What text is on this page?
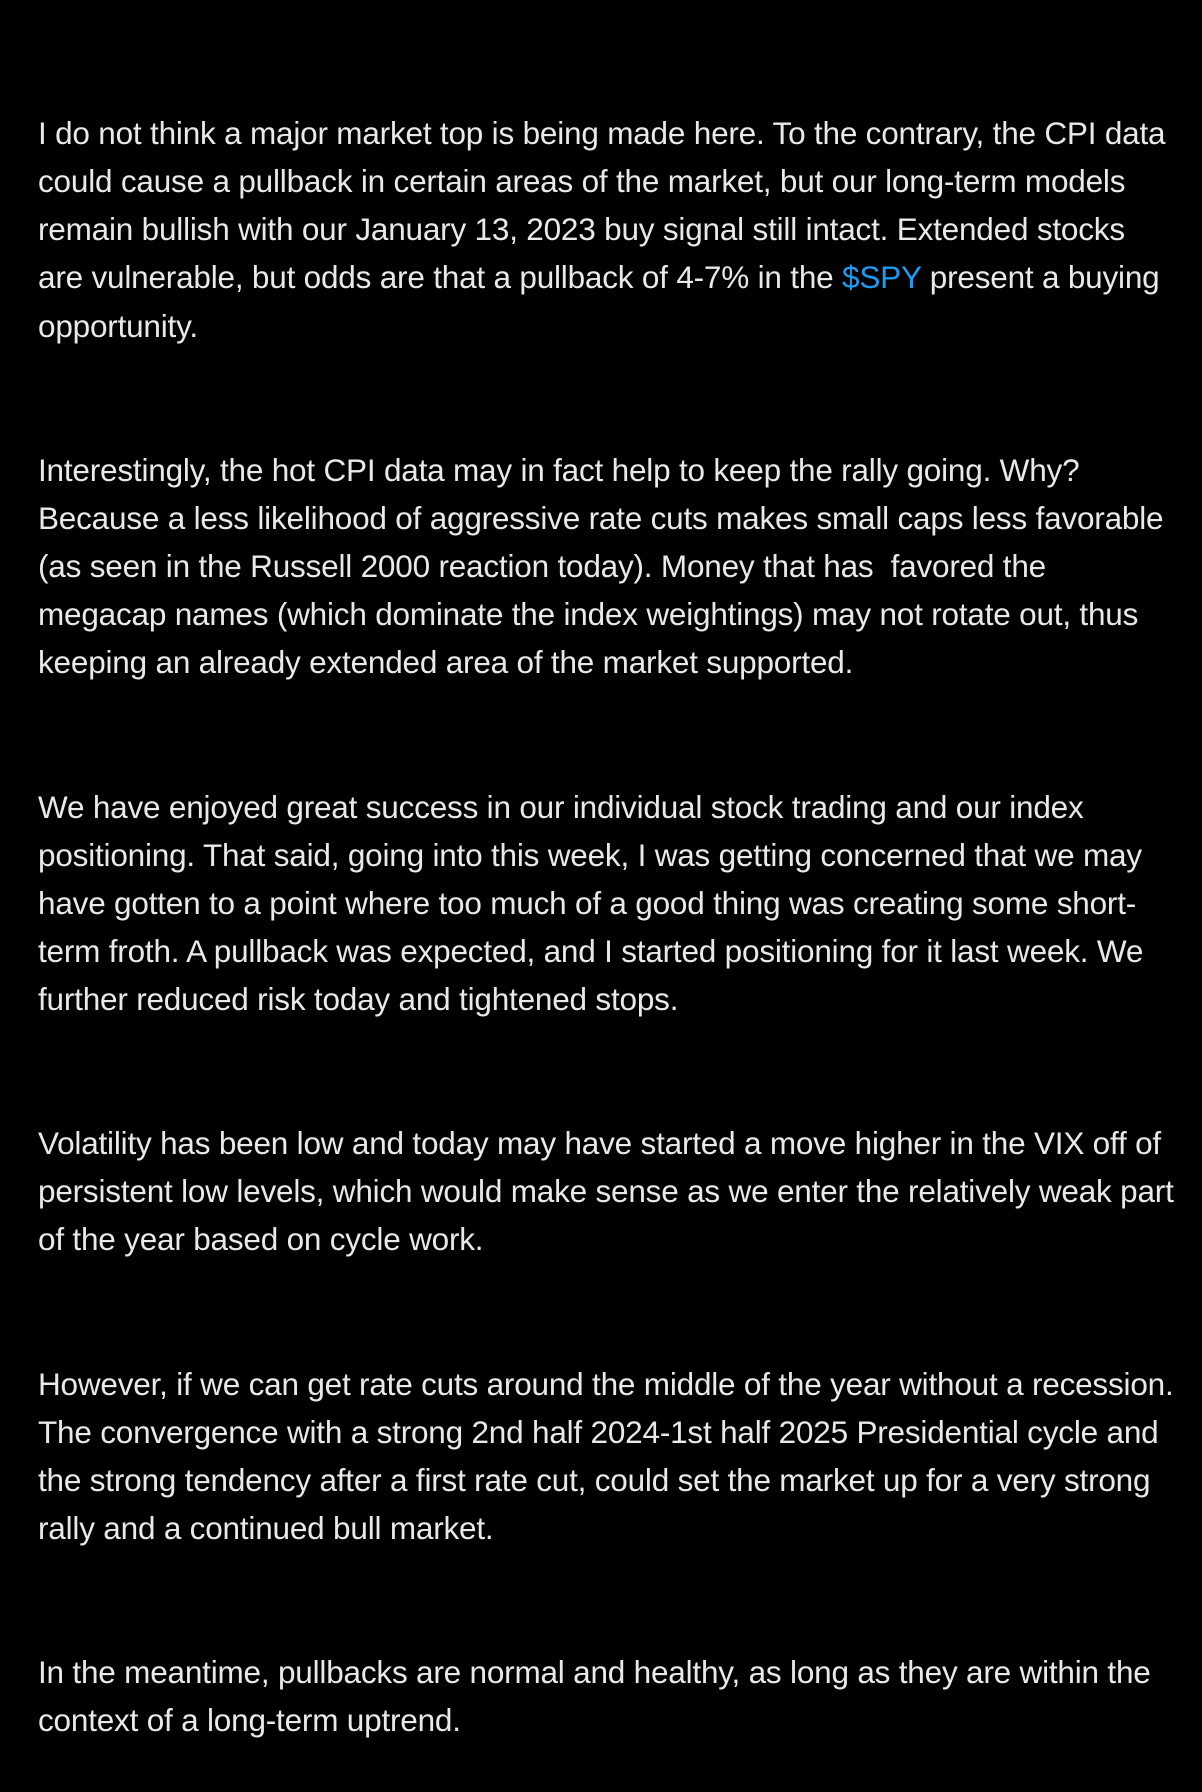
I do not think a major market top is being made here. To the contrary, the CPI data could cause a pullback in certain areas of the market, but our long-term models remain bullish with our January 13, 2023 buy signal still intact. Extended stocks are vulnerable, but odds are that a pullback of 4-7% in the $SPY present a buying opportunity.

Interestingly, the hot CPI data may in fact help to keep the rally going. Why? Because a less likelihood of aggressive rate cuts makes small caps less favorable (as seen in the Russell 2000 reaction today). Money that has  favored the megacap names (which dominate the index weightings) may not rotate out, thus keeping an already extended area of the market supported.

We have enjoyed great success in our individual stock trading and our index positioning. That said, going into this week, I was getting concerned that we may have gotten to a point where too much of a good thing was creating some short-term froth. A pullback was expected, and I started positioning for it last week. We further reduced risk today and tightened stops.

Volatility has been low and today may have started a move higher in the VIX off of persistent low levels, which would make sense as we enter the relatively weak part of the year based on cycle work.

However, if we can get rate cuts around the middle of the year without a recession.  The convergence with a strong 2nd half 2024-1st half 2025 Presidential cycle and the strong tendency after a first rate cut, could set the market up for a very strong rally and a continued bull market.

In the meantime, pullbacks are normal and healthy, as long as they are within the context of a long-term uptrend.
